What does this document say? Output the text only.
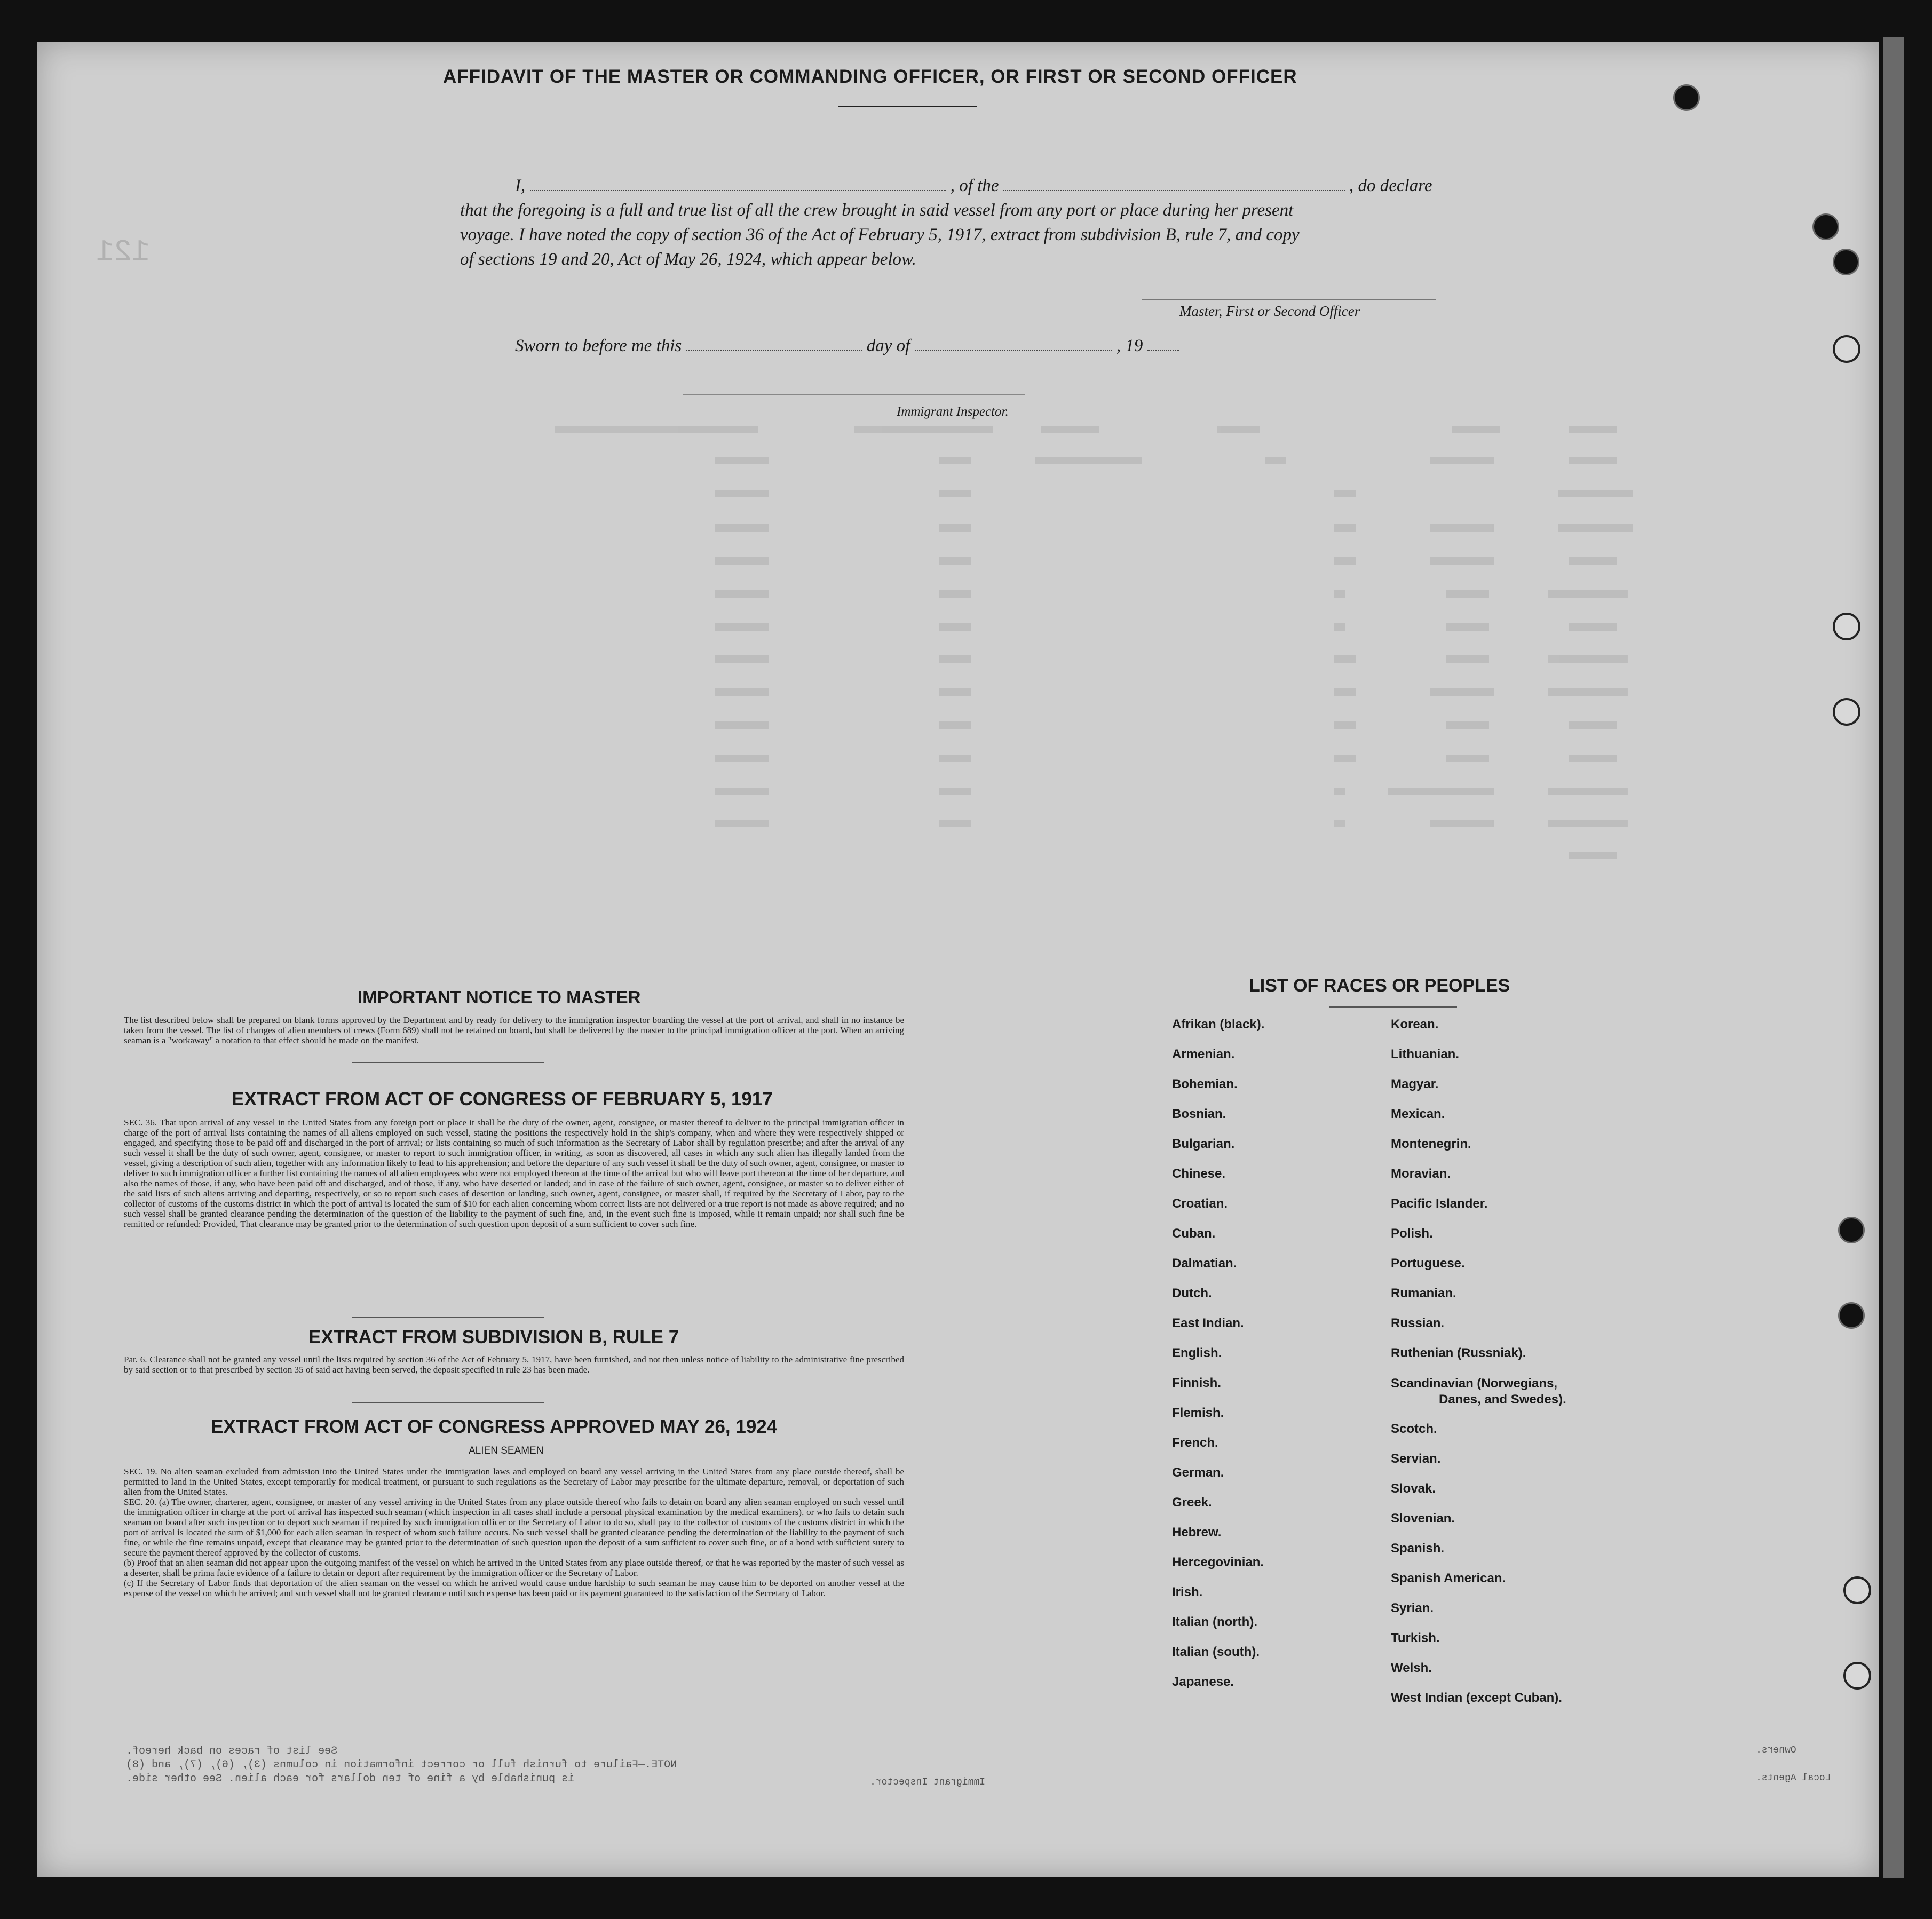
121
AFFIDAVIT OF THE MASTER OR COMMANDING OFFICER, OR FIRST OR SECOND OFFICER
I,	, of the	, do declare
that the foregoing is a full and true list of all the crew brought in said vessel from any port or place during her present
voyage. I have noted the copy of section 36 of the Act of February 5, 1917, extract from subdivision B, rule 7, and copy
of sections 19 and 20, Act of May 26, 1924, which appear below.
Master, First or Second Officer
Sworn to before me this	day of	, 19
Immigrant Inspector.
IMPORTANT NOTICE TO MASTER
The list described below shall be prepared on blank forms approved by the Department and by ready for delivery to the immigration inspector boarding the vessel at the port of arrival, and shall in no instance be taken from the vessel. The list of changes of alien members of crews (Form 689) shall not be retained on board, but shall be delivered by the master to the principal immigration officer at the port. When an arriving seaman is a "workaway" a notation to that effect should be made on the manifest.
EXTRACT FROM ACT OF CONGRESS OF FEBRUARY 5, 1917
SEC. 36. That upon arrival of any vessel in the United States from any foreign port or place it shall be the duty of the owner, agent, consignee, or master thereof to deliver to the principal immigration officer in charge of the port of arrival lists containing the names of all aliens employed on such vessel, stating the positions the respectively hold in the ship's company, when and where they were respectively shipped or engaged, and specifying those to be paid off and discharged in the port of arrival; or lists containing so much of such information as the Secretary of Labor shall by regulation prescribe; and after the arrival of any such vessel it shall be the duty of such owner, agent, consignee, or master to report to such immigration officer, in writing, as soon as discovered, all cases in which any such alien has illegally landed from the vessel, giving a description of such alien, together with any information likely to lead to his apprehension; and before the departure of any such vessel it shall be the duty of such owner, agent, consignee, or master to deliver to such immigration officer a further list containing the names of all alien employees who were not employed thereon at the time of the arrival but who will leave port thereon at the time of her departure, and also the names of those, if any, who have been paid off and discharged, and of those, if any, who have deserted or landed; and in case of the failure of such owner, agent, consignee, or master so to deliver either of the said lists of such aliens arriving and departing, respectively, or so to report such cases of desertion or landing, such owner, agent, consignee, or master shall, if required by the Secretary of Labor, pay to the collector of customs of the customs district in which the port of arrival is located the sum of $10 for each alien concerning whom correct lists are not delivered or a true report is not made as above required; and no such vessel shall be granted clearance pending the determination of the question of the liability to the payment of such fine, and, in the event such fine is imposed, while it remain unpaid; nor shall such fine be remitted or refunded: Provided, That clearance may be granted prior to the determination of such question upon deposit of a sum sufficient to cover such fine.
EXTRACT FROM SUBDIVISION B, RULE 7
Par. 6. Clearance shall not be granted any vessel until the lists required by section 36 of the Act of February 5, 1917, have been furnished, and not then unless notice of liability to the administrative fine prescribed by said section or to that prescribed by section 35 of said act having been served, the deposit specified in rule 23 has been made.
EXTRACT FROM ACT OF CONGRESS APPROVED MAY 26, 1924
ALIEN SEAMEN
SEC. 19. No alien seaman excluded from admission into the United States under the immigration laws and employed on board any vessel arriving in the United States from any place outside thereof, shall be permitted to land in the United States, except temporarily for medical treatment, or pursuant to such regulations as the Secretary of Labor may prescribe for the ultimate departure, removal, or deportation of such alien from the United States.
SEC. 20. (a) The owner, charterer, agent, consignee, or master of any vessel arriving in the United States from any place outside thereof who fails to detain on board any alien seaman employed on such vessel until the immigration officer in charge at the port of arrival has inspected such seaman (which inspection in all cases shall include a personal physical examination by the medical examiners), or who fails to detain such seaman on board after such inspection or to deport such seaman if required by such immigration officer or the Secretary of Labor to do so, shall pay to the collector of customs of the customs district in which the port of arrival is located the sum of $1,000 for each alien seaman in respect of whom such failure occurs. No such vessel shall be granted clearance pending the determination of the liability to the payment of such fine, or while the fine remains unpaid, except that clearance may be granted prior to the determination of such question upon the deposit of a sum sufficient to cover such fine, or of a bond with sufficient surety to secure the payment thereof approved by the collector of customs.
(b) Proof that an alien seaman did not appear upon the outgoing manifest of the vessel on which he arrived in the United States from any place outside thereof, or that he was reported by the master of such vessel as a deserter, shall be prima facie evidence of a failure to detain or deport after requirement by the immigration officer or the Secretary of Labor.
(c) If the Secretary of Labor finds that deportation of the alien seaman on the vessel on which he arrived would cause undue hardship to such seaman he may cause him to be deported on another vessel at the expense of the vessel on which he arrived; and such vessel shall not be granted clearance until such expense has been paid or its payment guaranteed to the satisfaction of the Secretary of Labor.
LIST OF RACES OR PEOPLES
Afrikan (black).
Armenian.
Bohemian.
Bosnian.
Bulgarian.
Chinese.
Croatian.
Cuban.
Dalmatian.
Dutch.
East Indian.
English.
Finnish.
Flemish.
French.
German.
Greek.
Hebrew.
Hercegovinian.
Irish.
Italian (north).
Italian (south).
Japanese.
Korean.
Lithuanian.
Magyar.
Mexican.
Montenegrin.
Moravian.
Pacific Islander.
Polish.
Portuguese.
Rumanian.
Russian.
Ruthenian (Russniak).
Scandinavian (Norwegians,
Danes, and Swedes).
Scotch.
Servian.
Slovak.
Slovenian.
Spanish.
Spanish American.
Syrian.
Turkish.
Welsh.
West Indian (except Cuban).
See list of races on back hereof.
NOTE.—Failure to furnish full or correct information in columns (3), (6), (7), and (8)
is punishable by a fine of ten dollars for each alien. See other side.	Immigrant Inspector.
Owners.
Local Agents.
